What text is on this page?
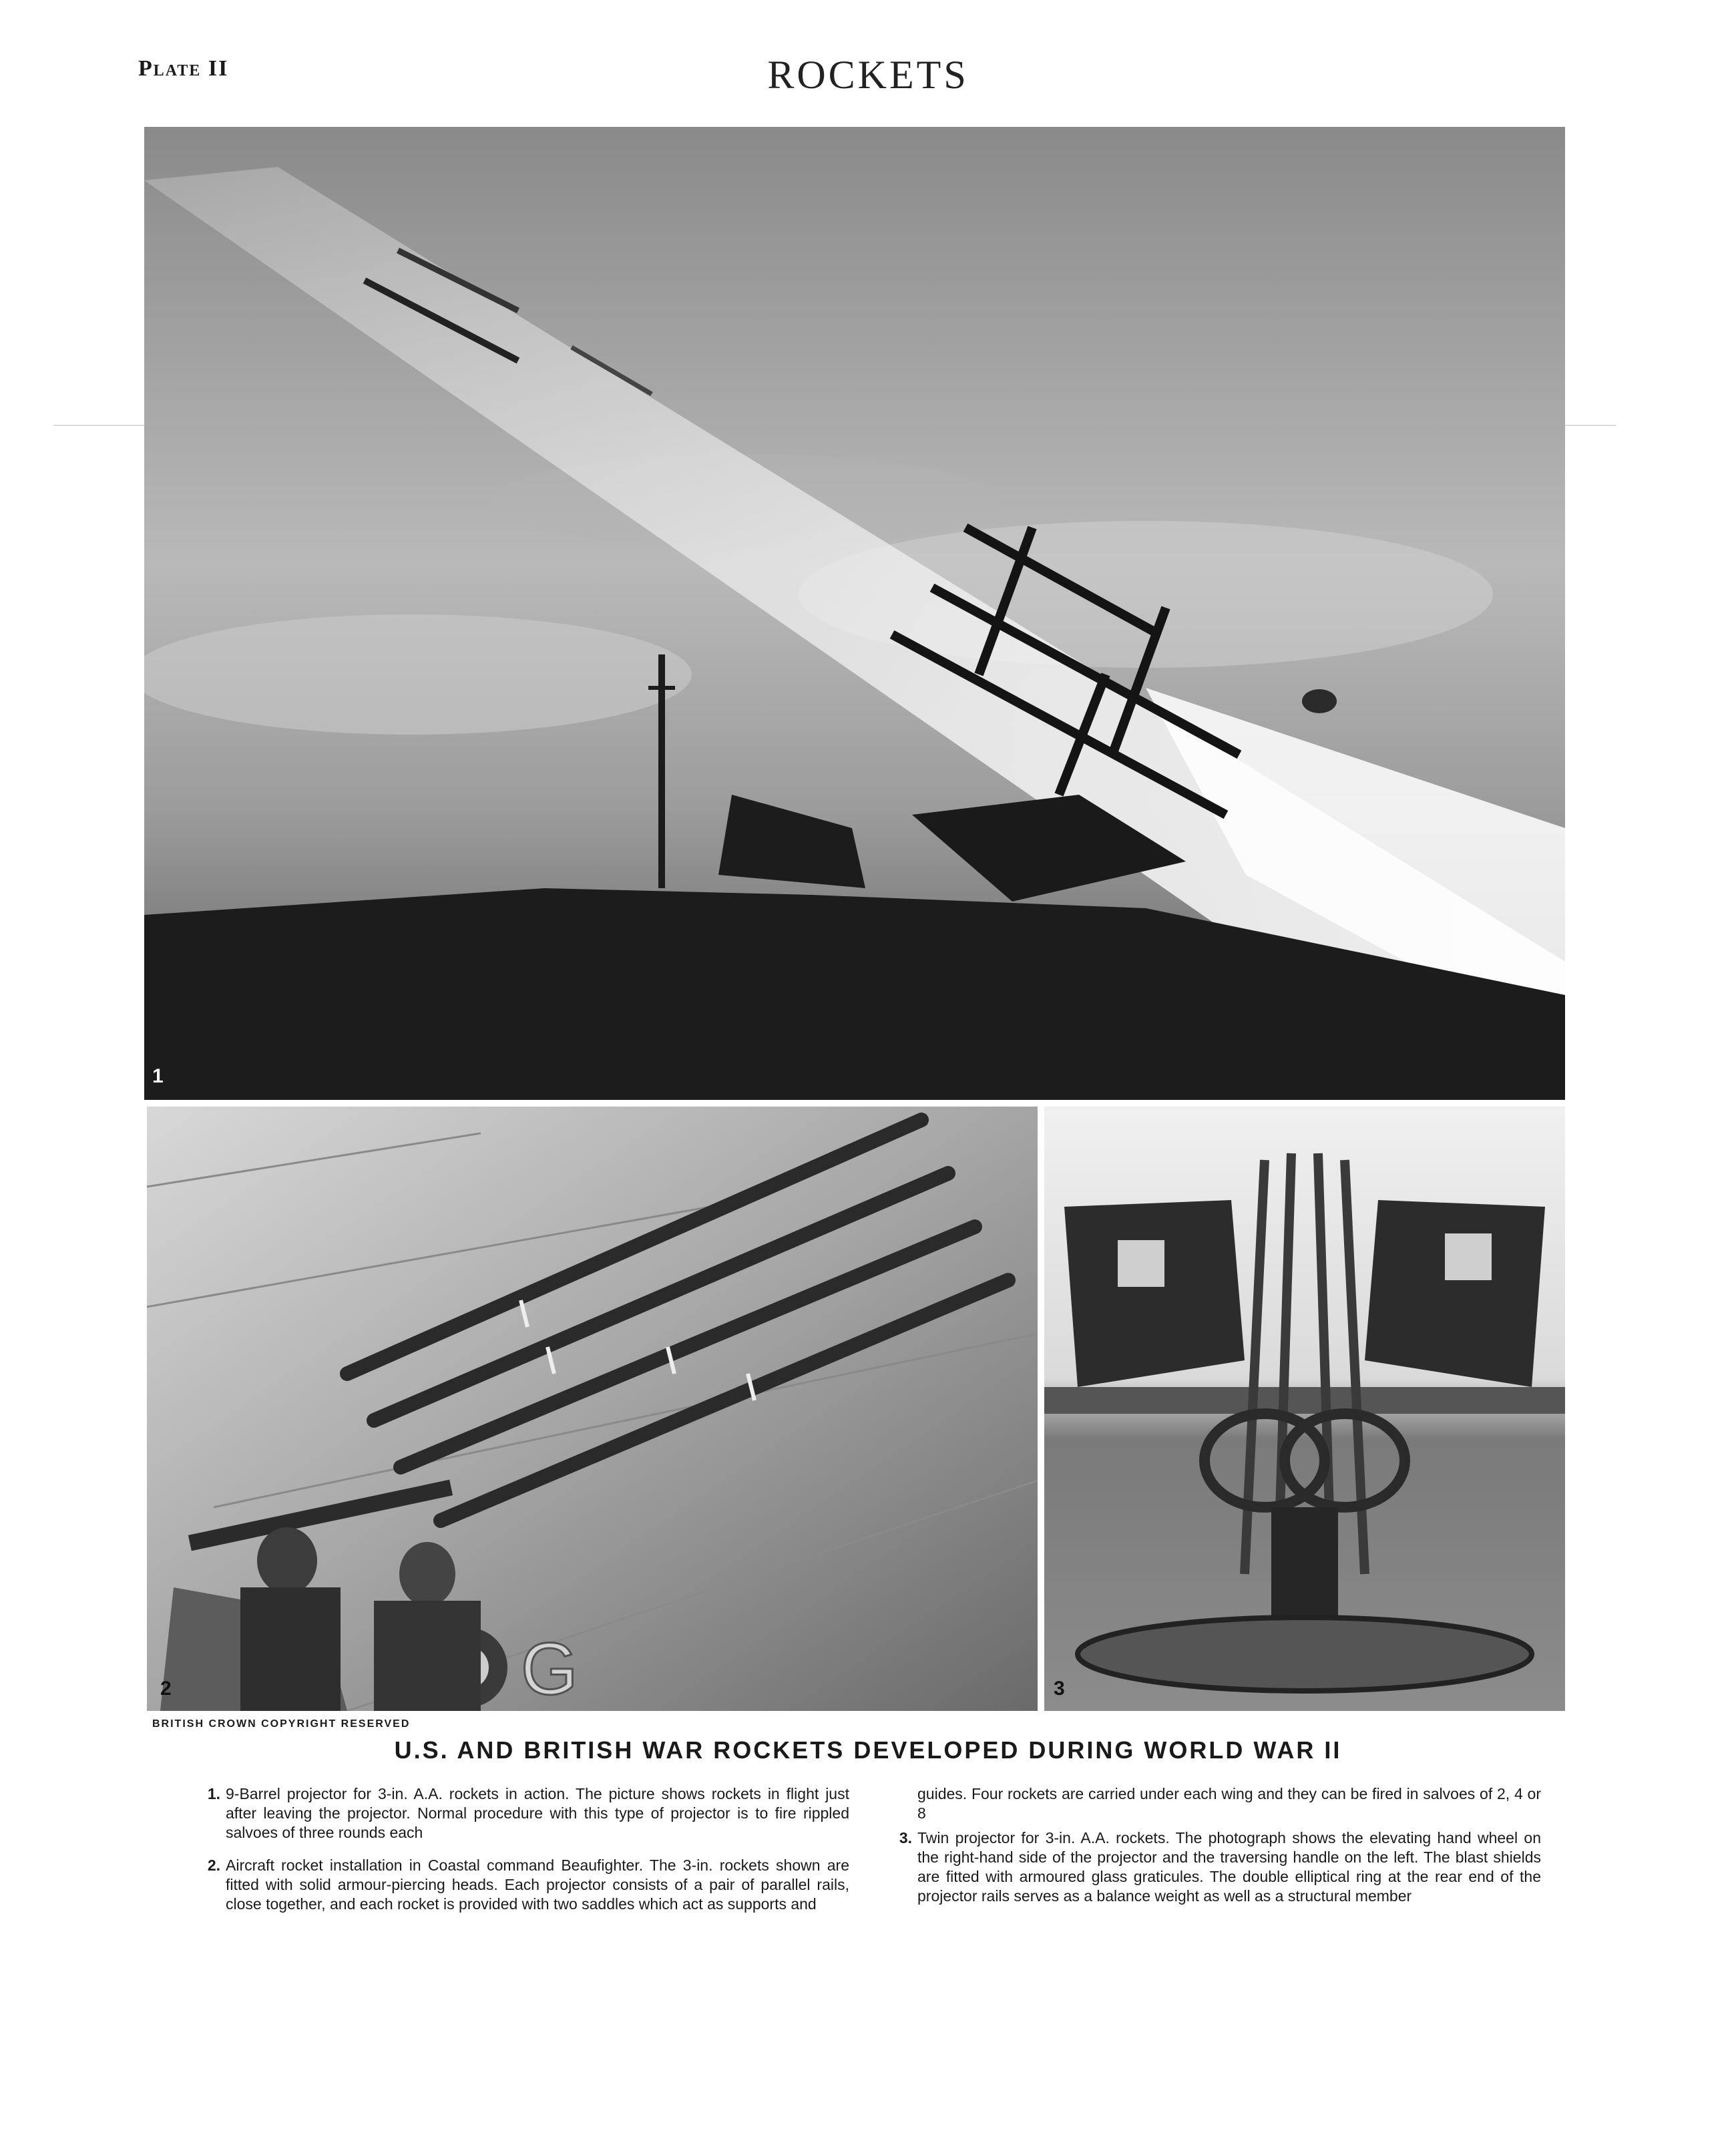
Plate II	ROCKETS
1
G
2	3
BRITISH CROWN COPYRIGHT RESERVED
U.S. AND BRITISH WAR ROCKETS DEVELOPED DURING WORLD WAR II
1. 9-Barrel projector for 3-in. A.A. rockets in action. The picture shows rockets in flight just after leaving the projector. Normal procedure with this type of projector is to fire rippled salvoes of three rounds each
2. Aircraft rocket installation in Coastal command Beaufighter. The 3-in. rockets shown are fitted with solid armour-piercing heads. Each projector consists of a pair of parallel rails, close together, and each rocket is provided with two saddles which act as supports and
guides. Four rockets are carried under each wing and they can be fired in salvoes of 2, 4 or 8
3. Twin projector for 3-in. A.A. rockets. The photograph shows the elevating hand wheel on the right-hand side of the projector and the traversing handle on the left. The blast shields are fitted with armoured glass graticules. The double elliptical ring at the rear end of the projector rails serves as a balance weight as well as a structural member
